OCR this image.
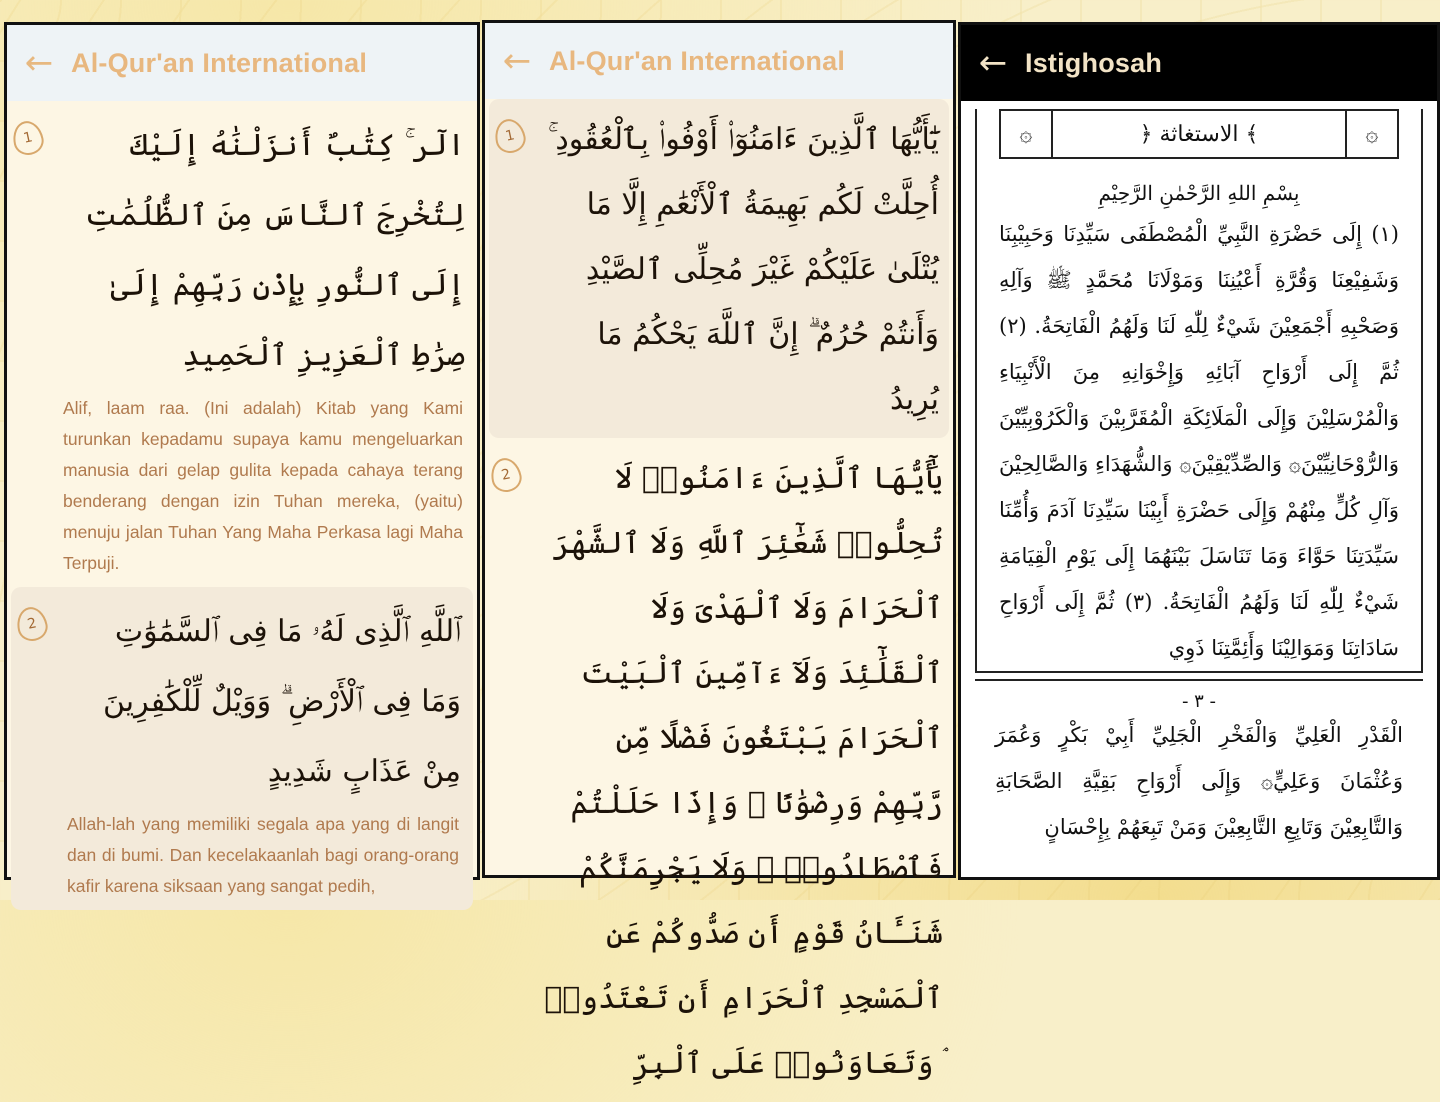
← Al-Qur'an International
1	الٓر ۚ كِتَٰبٌ أَنزَلْنَٰهُ إِلَيْكَ لِتُخْرِجَ ٱلنَّاسَ مِنَ ٱلظُّلُمَٰتِ إِلَى ٱلنُّورِ بِإِذْنِ رَبِّهِمْ إِلَىٰ صِرَٰطِ ٱلْعَزِيزِ ٱلْحَمِيدِ
Alif, laam raa. (Ini adalah) Kitab yang Kami turunkan kepadamu supaya kamu mengeluarkan manusia dari gelap gulita kepada cahaya terang benderang dengan izin Tuhan mereka, (yaitu) menuju jalan Tuhan Yang Maha Perkasa lagi Maha Terpuji.
2	ٱللَّهِ ٱلَّذِى لَهُۥ مَا فِى ٱلسَّمَٰوَٰتِ وَمَا فِى ٱلْأَرْضِ ۗ وَوَيْلٌ لِّلْكَٰفِرِينَ مِنْ عَذَابٍ شَدِيدٍ
Allah-lah yang memiliki segala apa yang di langit dan di bumi. Dan kecelakaanlah bagi orang-orang kafir karena siksaan yang sangat pedih,
← Al-Qur'an International
1	يَٰٓأَيُّهَا ٱلَّذِينَ ءَامَنُوٓا۟ أَوْفُوا۟ بِٱلْعُقُودِ ۚ أُحِلَّتْ لَكُم بَهِيمَةُ ٱلْأَنْعَٰمِ إِلَّا مَا يُتْلَىٰ عَلَيْكُمْ غَيْرَ مُحِلِّى ٱلصَّيْدِ وَأَنتُمْ حُرُمٌ ۗ إِنَّ ٱللَّهَ يَحْكُمُ مَا يُرِيدُ
2	يَٰٓأَيُّهَا ٱلَّذِينَ ءَامَنُوا۟ لَا تُحِلُّوا۟ شَعَٰٓئِرَ ٱللَّهِ وَلَا ٱلشَّهْرَ ٱلْحَرَامَ وَلَا ٱلْهَدْىَ وَلَا ٱلْقَلَٰٓئِدَ وَلَآ ءَآمِّينَ ٱلْبَيْتَ ٱلْحَرَامَ يَبْتَغُونَ فَضْلًا مِّن رَّبِّهِمْ وَرِضْوَٰنًا ۚ وَإِذَا حَلَلْتُمْ فَٱصْطَادُوا۟ ۚ وَلَا يَجْرِمَنَّكُمْ شَنَـَٔانُ قَوْمٍ أَن صَدُّوكُمْ عَنِ ٱلْمَسْجِدِ ٱلْحَرَامِ أَن تَعْتَدُوا۟ ۘ وَتَعَاوَنُوا۟ عَلَى ٱلْبِرِّ
← Istighosah
۞	﴿ الاستغاثة ﴾	۞
بِسْمِ اللهِ الرَّحْمٰنِ الرَّحِيْمِ
(١) إِلَى حَضْرَةِ النَّبِيِّ الْمُصْطَفَى سَيِّدِنَا وَحَبِيْبِنَا وَشَفِيْعِنَا وَقُرَّةِ أَعْيُنِنَا وَمَوْلَانَا مُحَمَّدٍ ﷺ وَآلِهِ وَصَحْبِهِ أَجْمَعِيْنَ شَيْءٌ لِلّٰهِ لَنَا وَلَهُمُ الْفَاتِحَةُ. (٢) ثُمَّ إِلَى أَرْوَاحِ آبَائِهِ وَإِخْوَانِهِ مِنَ الْأَنْبِيَاءِ وَالْمُرْسَلِيْنَ وَإِلَى الْمَلَائِكَةِ الْمُقَرَّبِيْنَ وَالْكَرُوْبِيِّيْنَ وَالرُّوْحَانِيِّيْنَ۞ وَالصِّدِّيْقِيْنَ۞ وَالشُّهَدَاءِ وَالصَّالِحِيْنَ وَآلِ كُلٍّ مِنْهُمْ وَإِلَى حَضْرَةِ أَبِيْنَا سَيِّدِنَا آدَمَ وَأُمِّنَا سَيِّدَتِنَا حَوَّاءَ وَمَا تَنَاسَلَ بَيْنَهُمَا إِلَى يَوْمِ الْقِيَامَةِ شَيْءٌ لِلّٰهِ لَنَا وَلَهُمُ الْفَاتِحَةُ. (٣) ثُمَّ إِلَى أَرْوَاحِ سَادَاتِنَا وَمَوَالِيْنَا وَأَئِمَّتِنَا ذَوِي
- ٣ -
الْقَدْرِ الْعَلِيِّ وَالْفَخْرِ الْجَلِيِّ أَبِيْ بَكْرٍ وَعُمَرَ وَعُثْمَانَ وَعَلِيٍّ۞ وَإِلَى أَرْوَاحِ بَقِيَّةِ الصَّحَابَةِ وَالتَّابِعِيْنَ وَتَابِعِ التَّابِعِيْنَ وَمَنْ تَبِعَهُمْ بِإِحْسَانٍ
